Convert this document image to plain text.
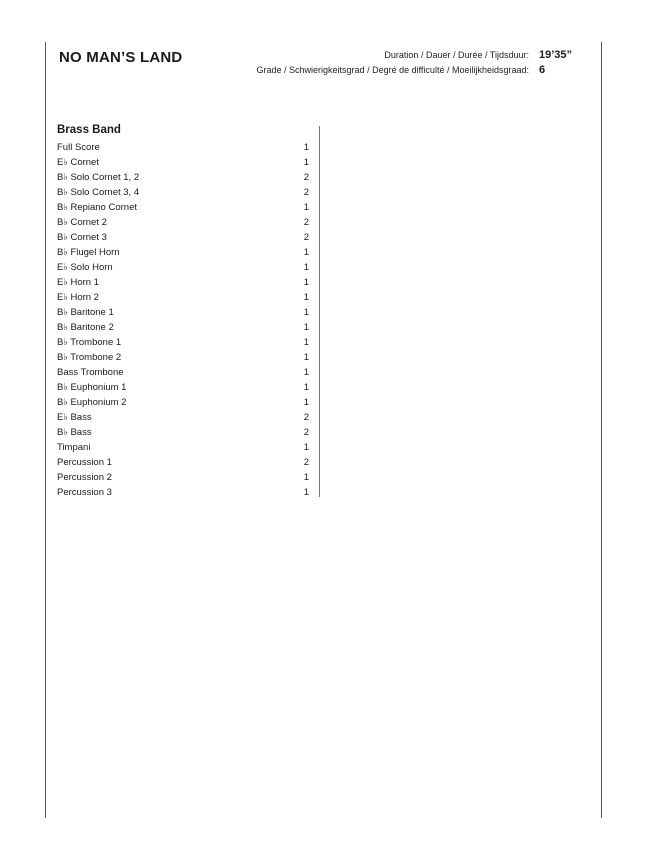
NO MAN’S LAND	Duration / Dauer / Durée / Tijdsduur: 19’35”
Grade / Schwierigkeitsgrad / Degré de difficulté / Moeilijkheidsgraad: 6
Brass Band
Full Score	1
E♭ Cornet	1
B♭ Solo Cornet 1, 2	2
B♭ Solo Cornet 3, 4	2
B♭ Repiano Cornet	1
B♭ Cornet 2	2
B♭ Cornet 3	2
B♭ Flugel Horn	1
E♭ Solo Horn	1
E♭ Horn 1	1
E♭ Horn 2	1
B♭ Baritone 1	1
B♭ Baritone 2	1
B♭ Trombone 1	1
B♭ Trombone 2	1
Bass Trombone	1
B♭ Euphonium 1	1
B♭ Euphonium 2	1
E♭ Bass	2
B♭ Bass	2
Timpani	1
Percussion 1	2
Percussion 2	1
Percussion 3	1
